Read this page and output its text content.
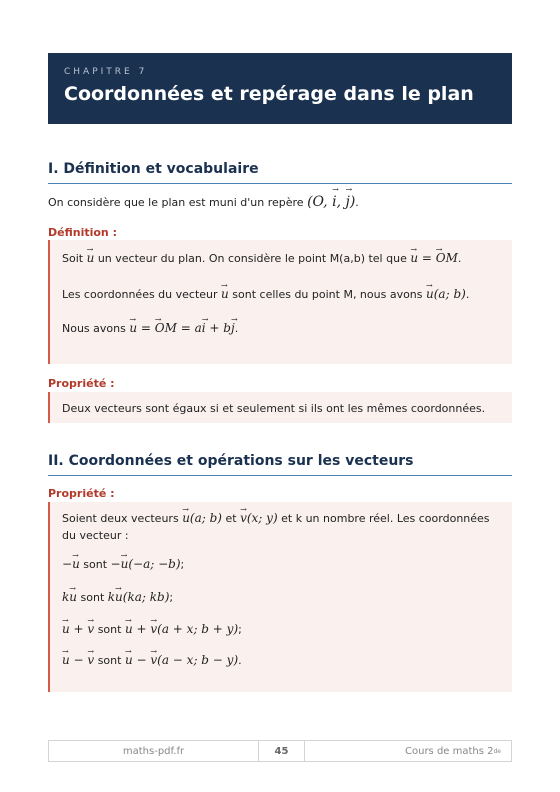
CHAPITRE 7
Coordonnées et repérage dans le plan
I. Définition et vocabulaire
On considère que le plan est muni d'un repère (O, → i, → j).
Définition :

Soit → u un vecteur du plan. On considère le point M(a,b) tel que → u = → OM.

Les coordonnées du vecteur → u sont celles du point M, nous avons → u(a; b).

Nous avons → u = → OM = a→ i + b→ j.

Propriété :

Deux vecteurs sont égaux si et seulement si ils ont les mêmes coordonnées.

II. Coordonnées et opérations sur les vecteurs
Propriété :

Soient deux vecteurs → u(a; b) et → v(x; y) et k un nombre réel. Les coordonnées du vecteur :

−→ u sont −→ u(−a; −b);

k→ u sont k→ u(ka; kb);

→ u + → v sont → u + → v(a + x; b + y);

→ u − → v sont → u − → v(a − x; b − y).

maths-pdf.fr	45	Cours de maths 2 de
